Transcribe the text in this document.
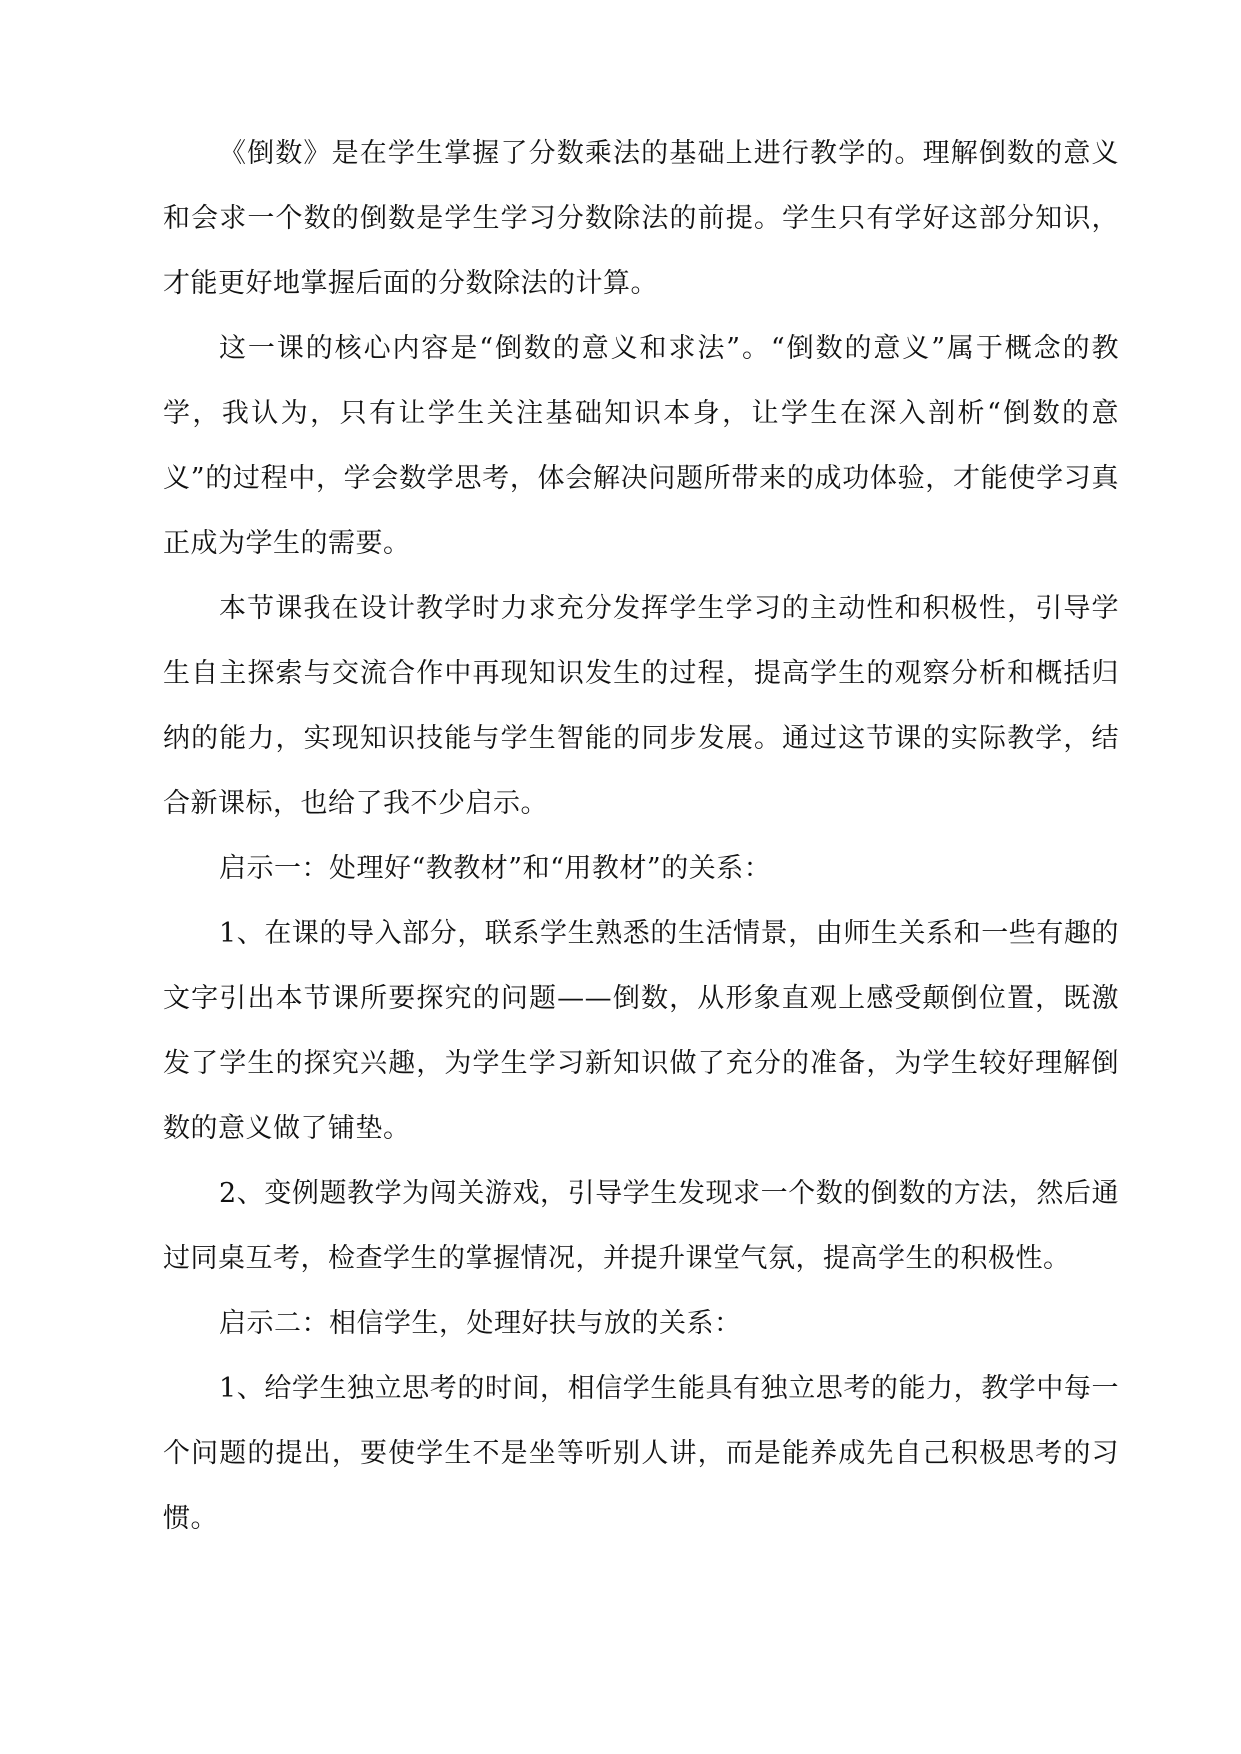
《倒数》是在学生掌握了分数乘法的基础上进行教学的。理解倒数的意义和会求一个数的倒数是学生学习分数除法的前提。学生只有学好这部分知识，才能更好地掌握后面的分数除法的计算。

这一课的核心内容是“倒数的意义和求法”。“倒数的意义”属于概念的教学，我认为，只有让学生关注基础知识本身，让学生在深入剖析“倒数的意义”的过程中，学会数学思考，体会解决问题所带来的成功体验，才能使学习真正成为学生的需要。

本节课我在设计教学时力求充分发挥学生学习的主动性和积极性，引导学生自主探索与交流合作中再现知识发生的过程，提高学生的观察分析和概括归纳的能力，实现知识技能与学生智能的同步发展。通过这节课的实际教学，结合新课标，也给了我不少启示。

启示一：处理好“教教材”和“用教材”的关系：

1、在课的导入部分，联系学生熟悉的生活情景，由师生关系和一些有趣的文字引出本节课所要探究的问题——倒数，从形象直观上感受颠倒位置，既激发了学生的探究兴趣，为学生学习新知识做了充分的准备，为学生较好理解倒数的意义做了铺垫。

2、变例题教学为闯关游戏，引导学生发现求一个数的倒数的方法，然后通过同桌互考，检查学生的掌握情况，并提升课堂气氛，提高学生的积极性。

启示二：相信学生，处理好扶与放的关系：

1、给学生独立思考的时间，相信学生能具有独立思考的能力，教学中每一个问题的提出，要使学生不是坐等听别人讲，而是能养成先自己积极思考的习惯。
